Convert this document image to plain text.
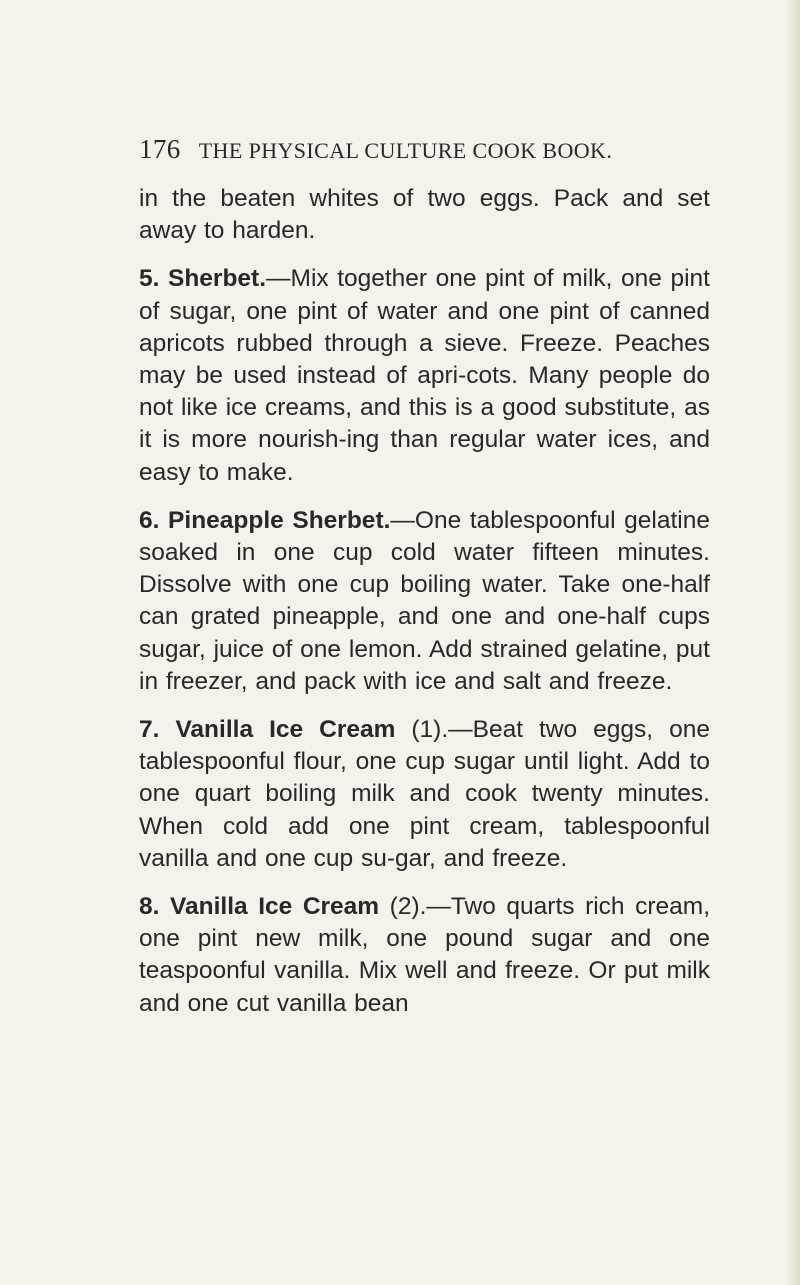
176 THE PHYSICAL CULTURE COOK BOOK.

in the beaten whites of two eggs. Pack and set away to harden.

5. Sherbet.—Mix together one pint of milk, one pint of sugar, one pint of water and one pint of canned apricots rubbed through a sieve. Freeze. Peaches may be used instead of apri-cots. Many people do not like ice creams, and this is a good substitute, as it is more nourish-ing than regular water ices, and easy to make.

6. Pineapple Sherbet.—One tablespoonful gelatine soaked in one cup cold water fifteen minutes. Dissolve with one cup boiling water. Take one-half can grated pineapple, and one and one-half cups sugar, juice of one lemon. Add strained gelatine, put in freezer, and pack with ice and salt and freeze.

7. Vanilla Ice Cream (1).—Beat two eggs, one tablespoonful flour, one cup sugar until light. Add to one quart boiling milk and cook twenty minutes. When cold add one pint cream, tablespoonful vanilla and one cup su-gar, and freeze.

8. Vanilla Ice Cream (2).—Two quarts rich cream, one pint new milk, one pound sugar and one teaspoonful vanilla. Mix well and freeze. Or put milk and one cut vanilla bean
